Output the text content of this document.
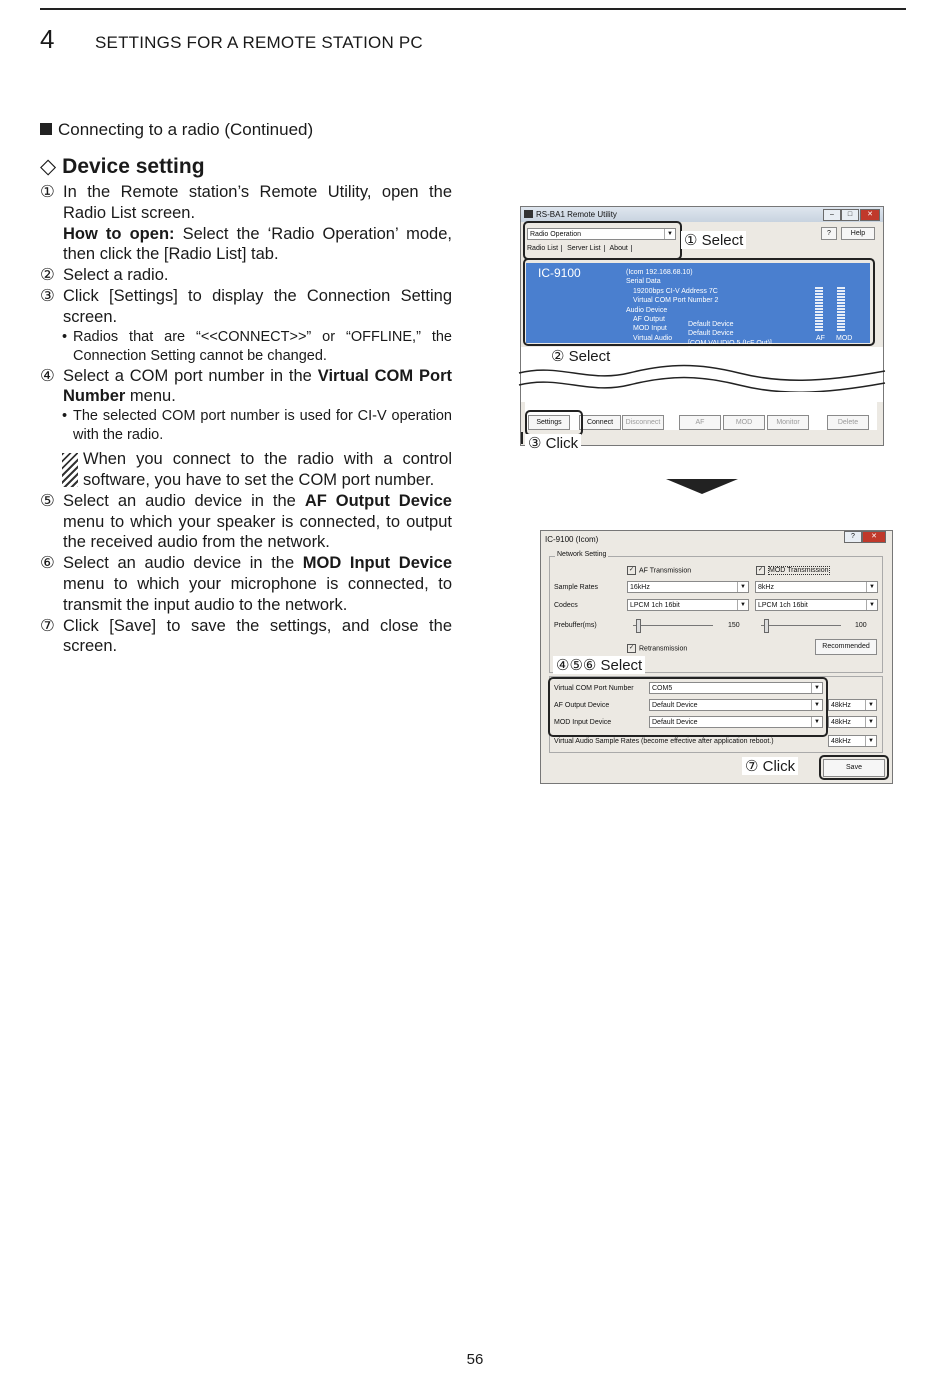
4 SETTINGS FOR A REMOTE STATION PC
Connecting to a radio (Continued)
◇ Device setting
① In the Remote station’s Remote Utility, open the Radio List screen.
How to open: Select the ‘Radio Operation’ mode, then click the [Radio List] tab.
② Select a radio.
③ Click [Settings] to display the Connection Setting screen.
• Radios that are “<<CONNECT>>” or “OFFLINE,” the Connection Setting cannot be changed.
④ Select a COM port number in the Virtual COM Port Number menu.
• The selected COM port number is used for CI-V operation with the radio.
When you connect to the radio with a control software, you have to set the COM port number.
⑤ Select an audio device in the AF Output Device menu to which your speaker is connected, to output the received audio from the network.
⑥ Select an audio device in the MOD Input Device menu to which your microphone is connected, to transmit the input audio to the network.
⑦ Click [Save] to save the settings, and close the screen.
RS-BA1 Remote Utility	–	□	✕
Radio Operation	▼
Radio List Server List About
?	Help
IC-9100	(Icom 192.168.68.10)
Serial Data
19200bps CI-V Address 7C
Virtual COM Port Number 2
Audio Device
AF Output
MOD Input
Virtual Audio
Default Device
Default Device
[COM VAUDIO 5 (IcF Out)]
AF MOD
Settings	Connect	Disconnect	AF	MOD	Monitor	Delete
① Select
② Select
③ Click
IC-9100 (Icom)	?	✕
Network Setting
✓ AF Transmission	✓ MOD Transmission
Sample Rates	16kHz	▼	8kHz	▼
Codecs	LPCM 1ch 16bit	▼	LPCM 1ch 16bit	▼
Prebuffer(ms)	150	100
✓ Retransmission	Recommended
Virtual COM Port Number	COM5	▼
AF Output Device	Default Device	▼	48kHz	▼
MOD Input Device	Default Device	▼	48kHz	▼
Virtual Audio Sample Rates (become effective after application reboot.)	48kHz	▼
Save
④⑤⑥ Select
⑦ Click
56
